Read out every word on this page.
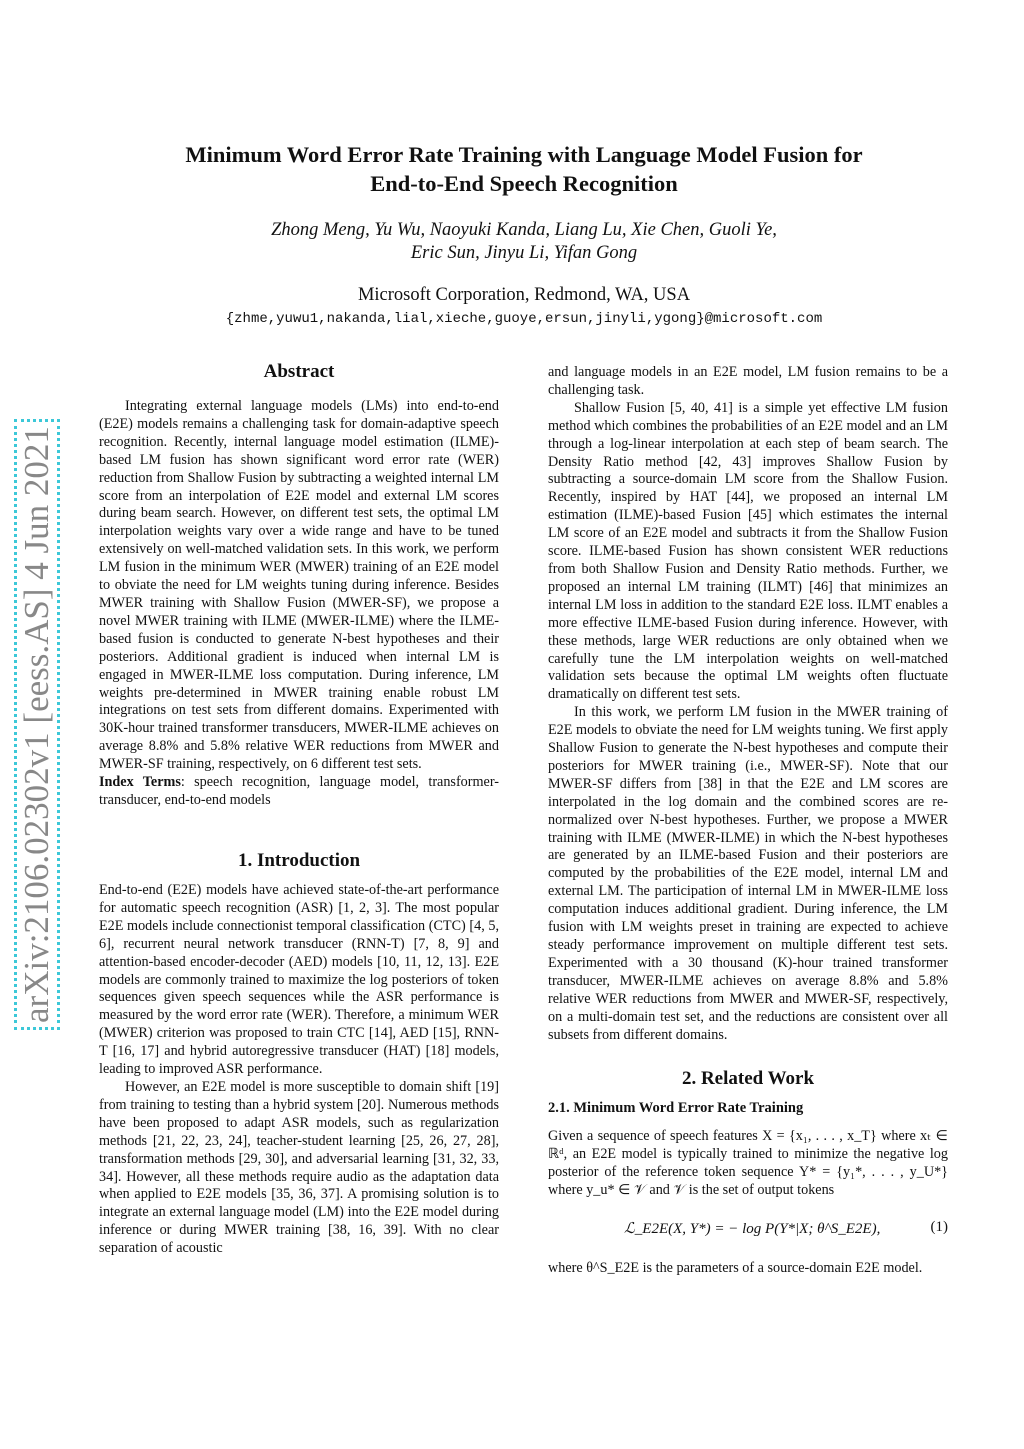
arXiv:2106.02302v1 [eess.AS] 4 Jun 2021
Minimum Word Error Rate Training with Language Model Fusion for
End-to-End Speech Recognition
Zhong Meng, Yu Wu, Naoyuki Kanda, Liang Lu, Xie Chen, Guoli Ye,
Eric Sun, Jinyu Li, Yifan Gong
Microsoft Corporation, Redmond, WA, USA
{zhme,yuwu1,nakanda,lial,xieche,guoye,ersun,jinyli,ygong}@microsoft.com
Abstract

Integrating external language models (LMs) into end-to-end (E2E) models remains a challenging task for domain-adaptive speech recognition. Recently, internal language model estimation (ILME)-based LM fusion has shown significant word error rate (WER) reduction from Shallow Fusion by subtracting a weighted internal LM score from an interpolation of E2E model and external LM scores during beam search. However, on different test sets, the optimal LM interpolation weights vary over a wide range and have to be tuned extensively on well-matched validation sets. In this work, we perform LM fusion in the minimum WER (MWER) training of an E2E model to obviate the need for LM weights tuning during inference. Besides MWER training with Shallow Fusion (MWER-SF), we propose a novel MWER training with ILME (MWER-ILME) where the ILME-based fusion is conducted to generate N-best hypotheses and their posteriors. Additional gradient is induced when internal LM is engaged in MWER-ILME loss computation. During inference, LM weights pre-determined in MWER training enable robust LM integrations on test sets from different domains. Experimented with 30K-hour trained transformer transducers, MWER-ILME achieves on average 8.8% and 5.8% relative WER reductions from MWER and MWER-SF training, respectively, on 6 different test sets.

Index Terms: speech recognition, language model, transformer-transducer, end-to-end models

1. Introduction

End-to-end (E2E) models have achieved state-of-the-art performance for automatic speech recognition (ASR) [1, 2, 3]. The most popular E2E models include connectionist temporal classification (CTC) [4, 5, 6], recurrent neural network transducer (RNN-T) [7, 8, 9] and attention-based encoder-decoder (AED) models [10, 11, 12, 13]. E2E models are commonly trained to maximize the log posteriors of token sequences given speech sequences while the ASR performance is measured by the word error rate (WER). Therefore, a minimum WER (MWER) criterion was proposed to train CTC [14], AED [15], RNN-T [16, 17] and hybrid autoregressive transducer (HAT) [18] models, leading to improved ASR performance.

However, an E2E model is more susceptible to domain shift [19] from training to testing than a hybrid system [20]. Numerous methods have been proposed to adapt ASR models, such as regularization methods [21, 22, 23, 24], teacher-student learning [25, 26, 27, 28], transformation methods [29, 30], and adversarial learning [31, 32, 33, 34]. However, all these methods require audio as the adaptation data when applied to E2E models [35, 36, 37]. A promising solution is to integrate an external language model (LM) into the E2E model during inference or during MWER training [38, 16, 39]. With no clear separation of acoustic

and language models in an E2E model, LM fusion remains to be a challenging task.

Shallow Fusion [5, 40, 41] is a simple yet effective LM fusion method which combines the probabilities of an E2E model and an LM through a log-linear interpolation at each step of beam search. The Density Ratio method [42, 43] improves Shallow Fusion by subtracting a source-domain LM score from the Shallow Fusion. Recently, inspired by HAT [44], we proposed an internal LM estimation (ILME)-based Fusion [45] which estimates the internal LM score of an E2E model and subtracts it from the Shallow Fusion score. ILME-based Fusion has shown consistent WER reductions from both Shallow Fusion and Density Ratio methods. Further, we proposed an internal LM training (ILMT) [46] that minimizes an internal LM loss in addition to the standard E2E loss. ILMT enables a more effective ILME-based Fusion during inference. However, with these methods, large WER reductions are only obtained when we carefully tune the LM interpolation weights on well-matched validation sets because the optimal LM weights often fluctuate dramatically on different test sets.

In this work, we perform LM fusion in the MWER training of E2E models to obviate the need for LM weights tuning. We first apply Shallow Fusion to generate the N-best hypotheses and compute their posteriors for MWER training (i.e., MWER-SF). Note that our MWER-SF differs from [38] in that the E2E and LM scores are interpolated in the log domain and the combined scores are re-normalized over N-best hypotheses. Further, we propose a MWER training with ILME (MWER-ILME) in which the N-best hypotheses are generated by an ILME-based Fusion and their posteriors are computed by the probabilities of the E2E model, internal LM and external LM. The participation of internal LM in MWER-ILME loss computation induces additional gradient. During inference, the LM fusion with LM weights preset in training are expected to achieve steady performance improvement on multiple different test sets. Experimented with a 30 thousand (K)-hour trained transformer transducer, MWER-ILME achieves on average 8.8% and 5.8% relative WER reductions from MWER and MWER-SF, respectively, on a multi-domain test set, and the reductions are consistent over all subsets from different domains.

2. Related Work
2.1. Minimum Word Error Rate Training

Given a sequence of speech features X = {x₁, . . . , x_T} where xₜ ∈ ℝᵈ, an E2E model is typically trained to minimize the negative log posterior of the reference token sequence Y* = {y₁*, . . . , y_U*} where y_u* ∈ 𝒱 and 𝒱 is the set of output tokens

ℒ_E2E(X, Y*) = − log P(Y*|X; θ^S_E2E),	(1)

where θ^S_E2E is the parameters of a source-domain E2E model.
